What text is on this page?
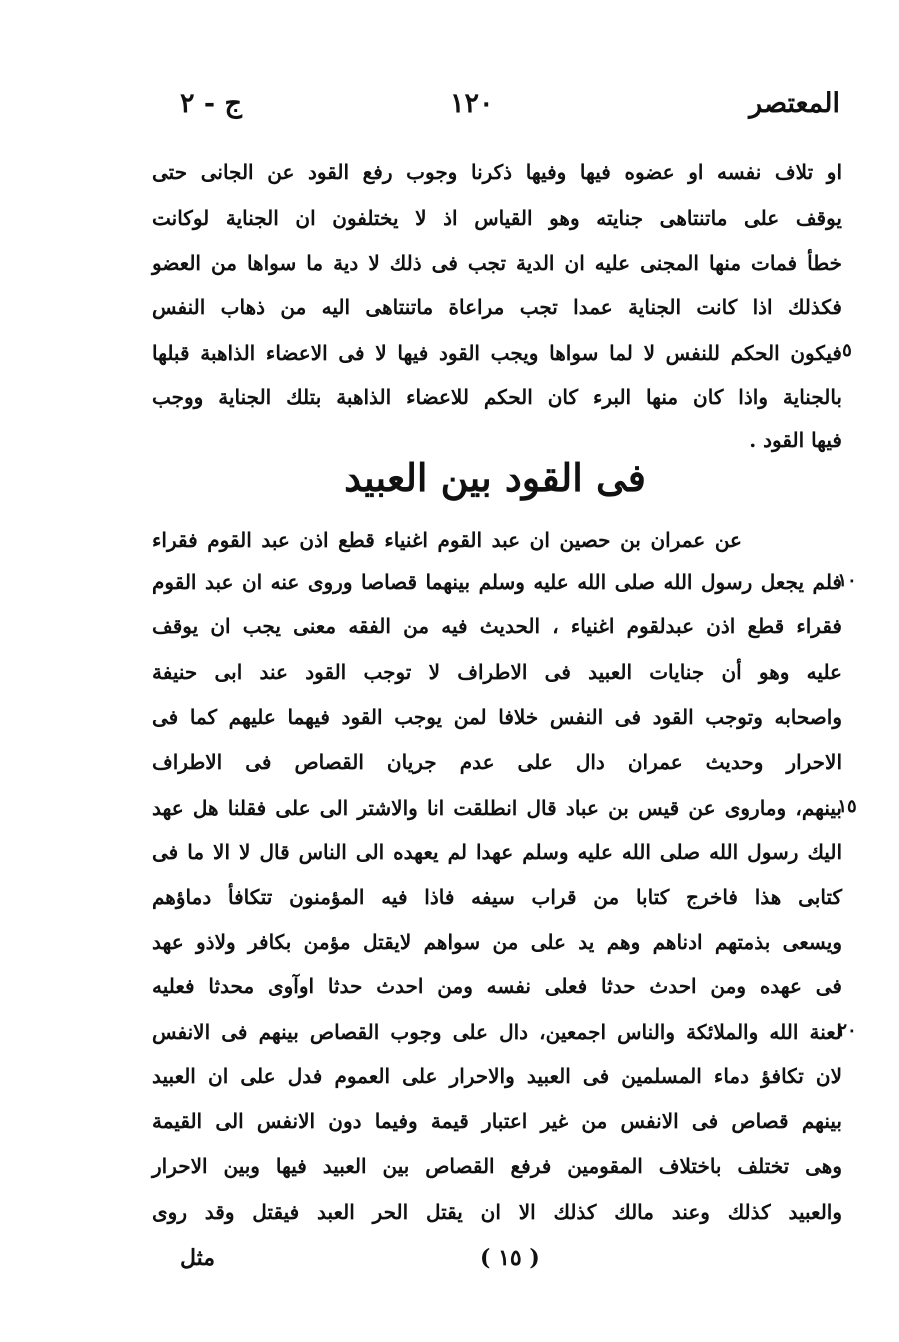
المعتصر
١٢٠
ج - ٢
او تلاف نفسه او عضوه فيها وفيها ذكرنا وجوب رفع القود عن الجانى حتى
يوقف على ماتنتاهى جنايته وهو القياس اذ لا يختلفون ان الجناية لوكانت
خطأ فمات منها المجنى عليه ان الدية تجب فى ذلك لا دية ما سواها من العضو
فكذلك اذا كانت الجناية عمدا تجب مراعاة ماتنتاهى اليه من ذهاب النفس
فيكون الحكم للنفس لا لما سواها ويجب القود فيها لا فى الاعضاء الذاهبة قبلها
بالجناية واذا كان منها البرء كان الحكم للاعضاء الذاهبة بتلك الجناية ووجب
فيها القود .
فى القود بين العبيد
عن عمران بن حصين ان عبد القوم اغنياء قطع اذن عبد القوم فقراء
فلم يجعل رسول الله صلى الله عليه وسلم بينهما قصاصا وروى عنه ان عبد القوم
فقراء قطع اذن عبدلقوم اغنياء ، الحديث فيه من الفقه معنى يجب ان يوقف
عليه وهو أن جنايات العبيد فى الاطراف لا توجب القود عند ابى حنيفة
واصحابه وتوجب القود فى النفس خلافا لمن يوجب القود فيهما عليهم كما فى
الاحرار وحديث عمران دال على عدم جريان القصاص فى الاطراف
بينهم، وماروى عن قيس بن عباد قال انطلقت انا والاشتر الى على فقلنا هل عهد
اليك رسول الله صلى الله عليه وسلم عهدا لم يعهده الى الناس قال لا الا ما فى
كتابى هذا فاخرج كتابا من قراب سيفه فاذا فيه المؤمنون تتكافأ دماؤهم
ويسعى بذمتهم ادناهم وهم يد على من سواهم لايقتل مؤمن بكافر ولاذو عهد
فى عهده ومن احدث حدثا فعلى نفسه ومن احدث حدثا اوآوى محدثا فعليه
لعنة الله والملائكة والناس اجمعين، دال على وجوب القصاص بينهم فى الانفس
لان تكافؤ دماء المسلمين فى العبيد والاحرار على العموم فدل على ان العبيد
بينهم قصاص فى الانفس من غير اعتبار قيمة وفيما دون الانفس الى القيمة
وهى تختلف باختلاف المقومين فرفع القصاص بين العبيد فيها وبين الاحرار
والعبيد كذلك وعند مالك كذلك الا ان يقتل الحر العبد فيقتل وقد روى
٥
١٠
١٥
٢٠
( ١٥ )
مثل
